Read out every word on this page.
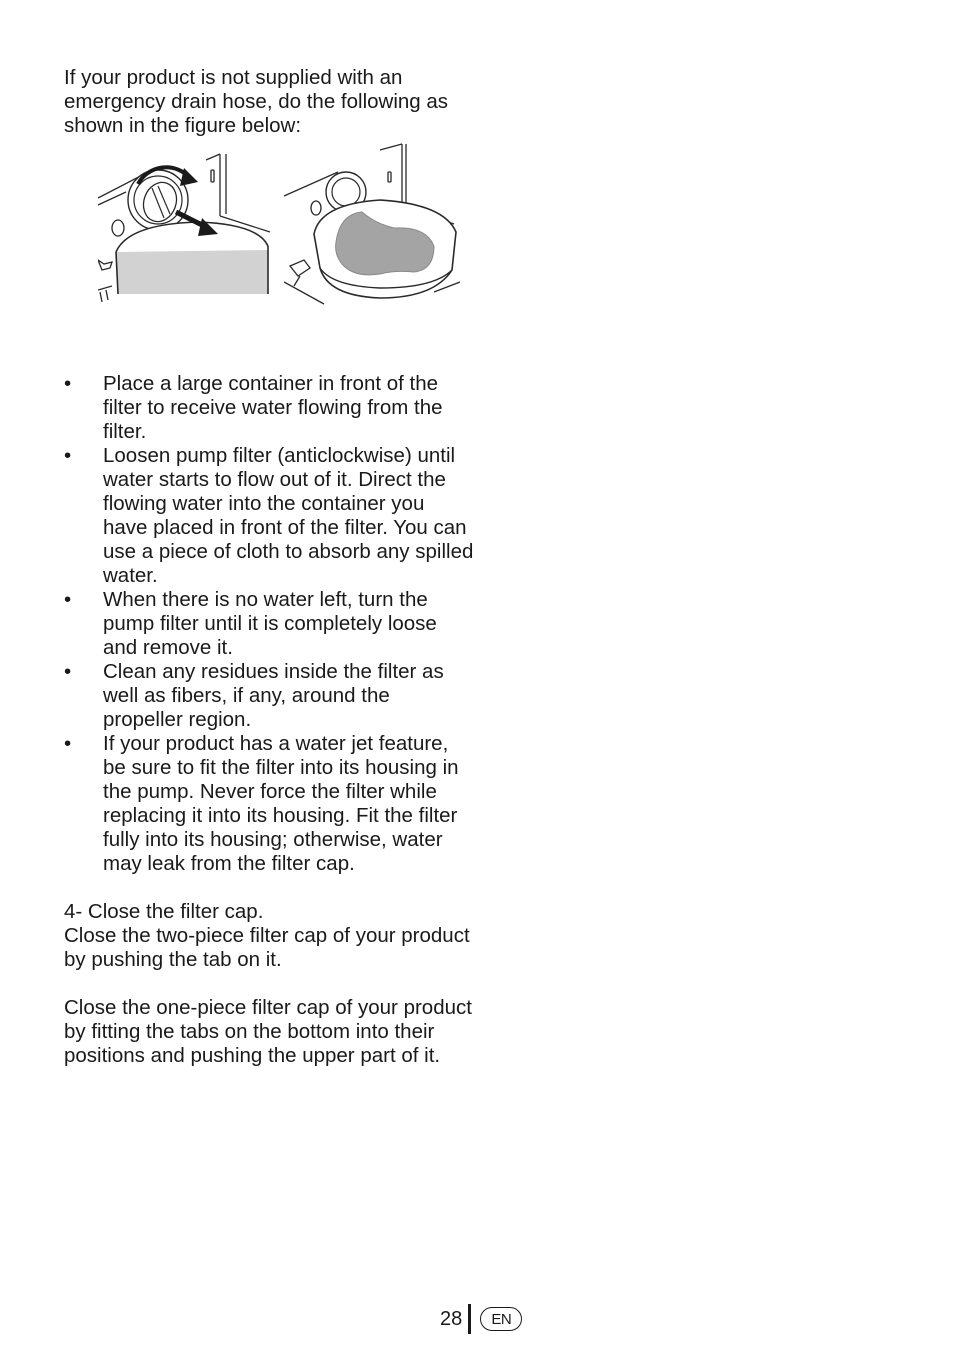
If your product is not supplied with an emergency drain hose, do the following as shown in the figure below:

• Place a large container in front of the filter to receive water flowing from the filter.
• Loosen pump filter (anticlockwise) until water starts to flow out of it. Direct the flowing water into the container you have placed in front of the filter. You can use a piece of cloth to absorb any spilled water.
• When there is no water left, turn the pump filter until it is completely loose and remove it.
• Clean any residues inside the filter as well as fibers, if any, around the propeller region.
• If your product has a water jet feature, be sure to fit the filter into its housing in the pump. Never force the filter while replacing it into its housing. Fit the filter fully into its housing; otherwise, water may leak from the filter cap.

4- Close the filter cap.

Close the two-piece filter cap of your product by pushing the tab on it.

Close the one-piece filter cap of your product by fitting the tabs on the bottom into their positions and pushing the upper part of it.

28	EN
